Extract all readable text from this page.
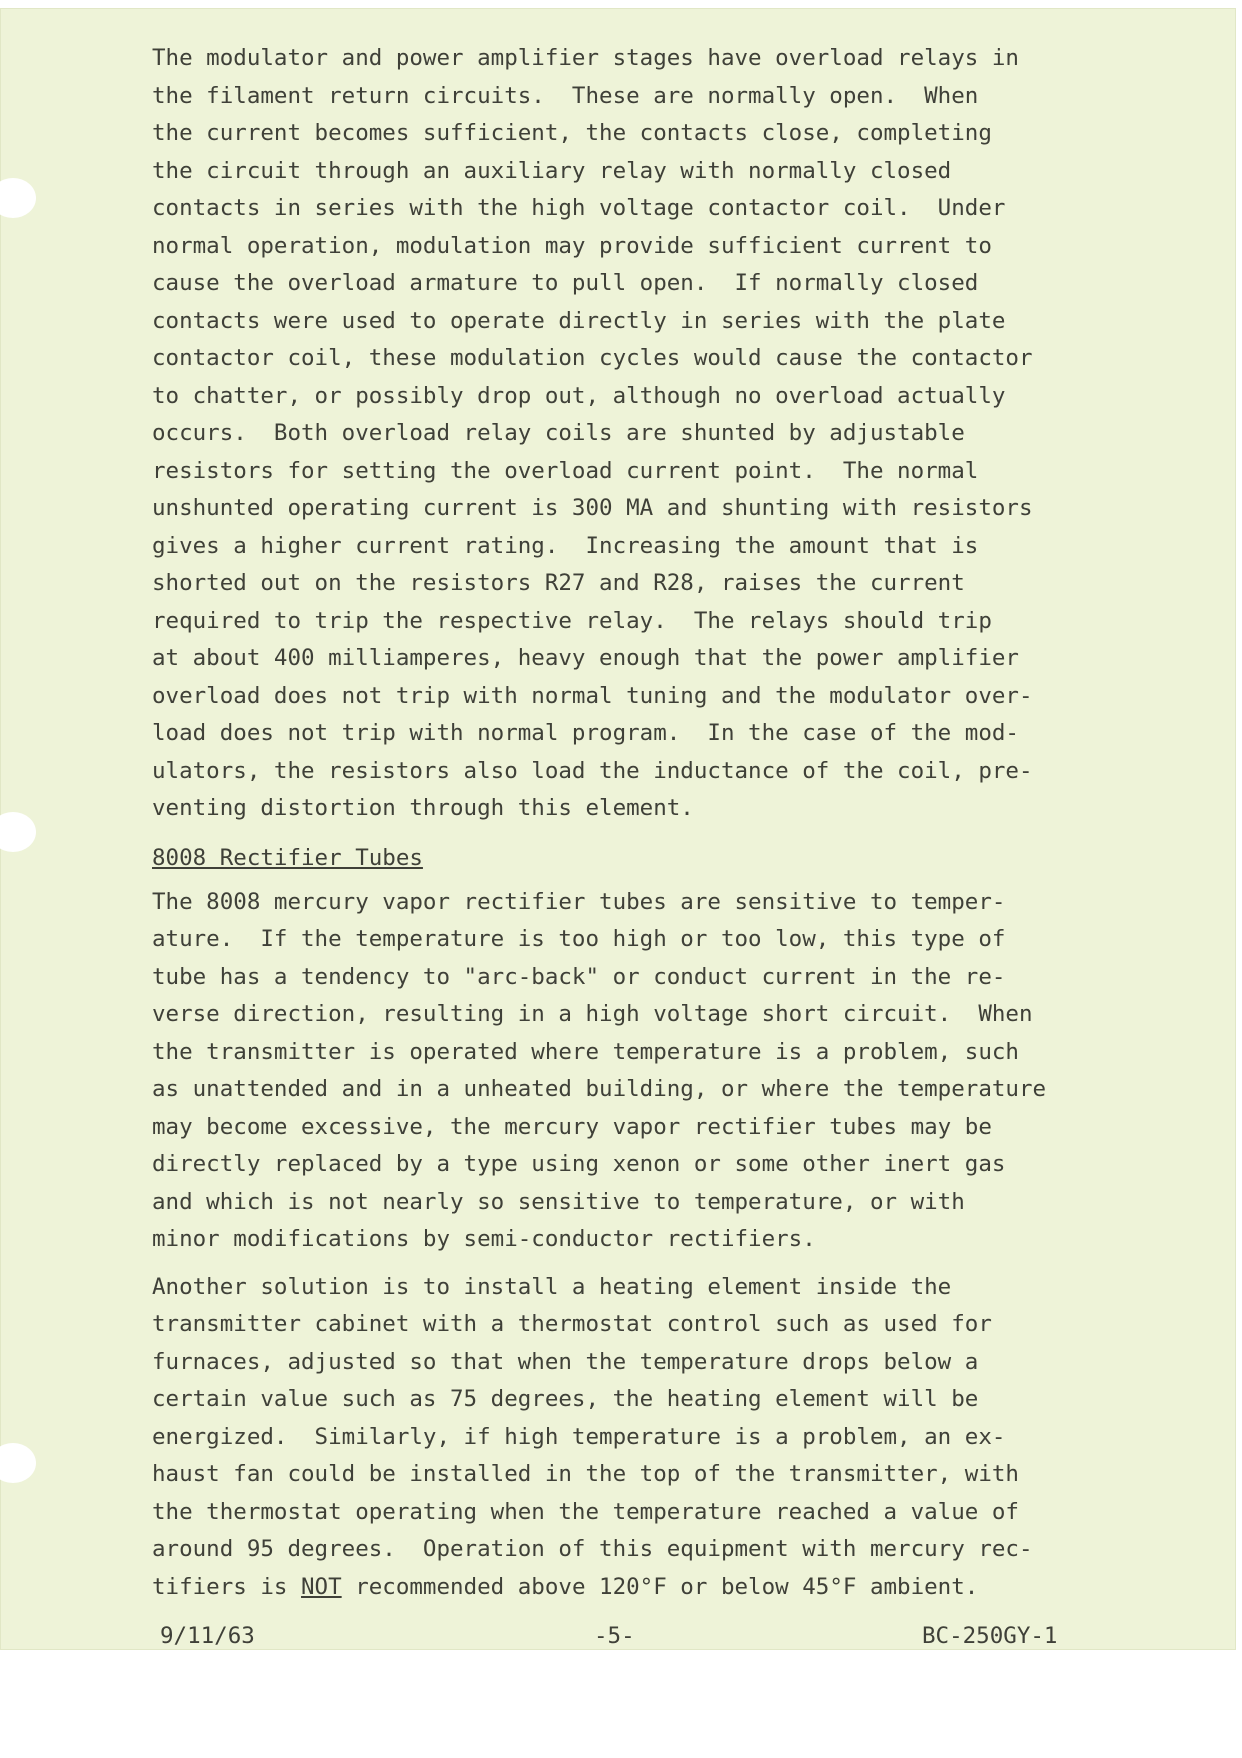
The modulator and power amplifier stages have overload relays in
the filament return circuits.  These are normally open.  When
the current becomes sufficient, the contacts close, completing
the circuit through an auxiliary relay with normally closed
contacts in series with the high voltage contactor coil.  Under
normal operation, modulation may provide sufficient current to
cause the overload armature to pull open.  If normally closed
contacts were used to operate directly in series with the plate
contactor coil, these modulation cycles would cause the contactor
to chatter, or possibly drop out, although no overload actually
occurs.  Both overload relay coils are shunted by adjustable
resistors for setting the overload current point.  The normal
unshunted operating current is 300 MA and shunting with resistors
gives a higher current rating.  Increasing the amount that is
shorted out on the resistors R27 and R28, raises the current
required to trip the respective relay.  The relays should trip
at about 400 milliamperes, heavy enough that the power amplifier
overload does not trip with normal tuning and the modulator over-
load does not trip with normal program.  In the case of the mod-
ulators, the resistors also load the inductance of the coil, pre-
venting distortion through this element.
8008 Rectifier Tubes
The 8008 mercury vapor rectifier tubes are sensitive to temper-
ature.  If the temperature is too high or too low, this type of
tube has a tendency to "arc-back" or conduct current in the re-
verse direction, resulting in a high voltage short circuit.  When
the transmitter is operated where temperature is a problem, such
as unattended and in a unheated building, or where the temperature
may become excessive, the mercury vapor rectifier tubes may be
directly replaced by a type using xenon or some other inert gas
and which is not nearly so sensitive to temperature, or with
minor modifications by semi-conductor rectifiers.
Another solution is to install a heating element inside the
transmitter cabinet with a thermostat control such as used for
furnaces, adjusted so that when the temperature drops below a
certain value such as 75 degrees, the heating element will be
energized.  Similarly, if high temperature is a problem, an ex-
haust fan could be installed in the top of the transmitter, with
the thermostat operating when the temperature reached a value of
around 95 degrees.  Operation of this equipment with mercury rec-
tifiers is NOT recommended above 120°F or below 45°F ambient.
9/11/63	-5-	BC-250GY-1
